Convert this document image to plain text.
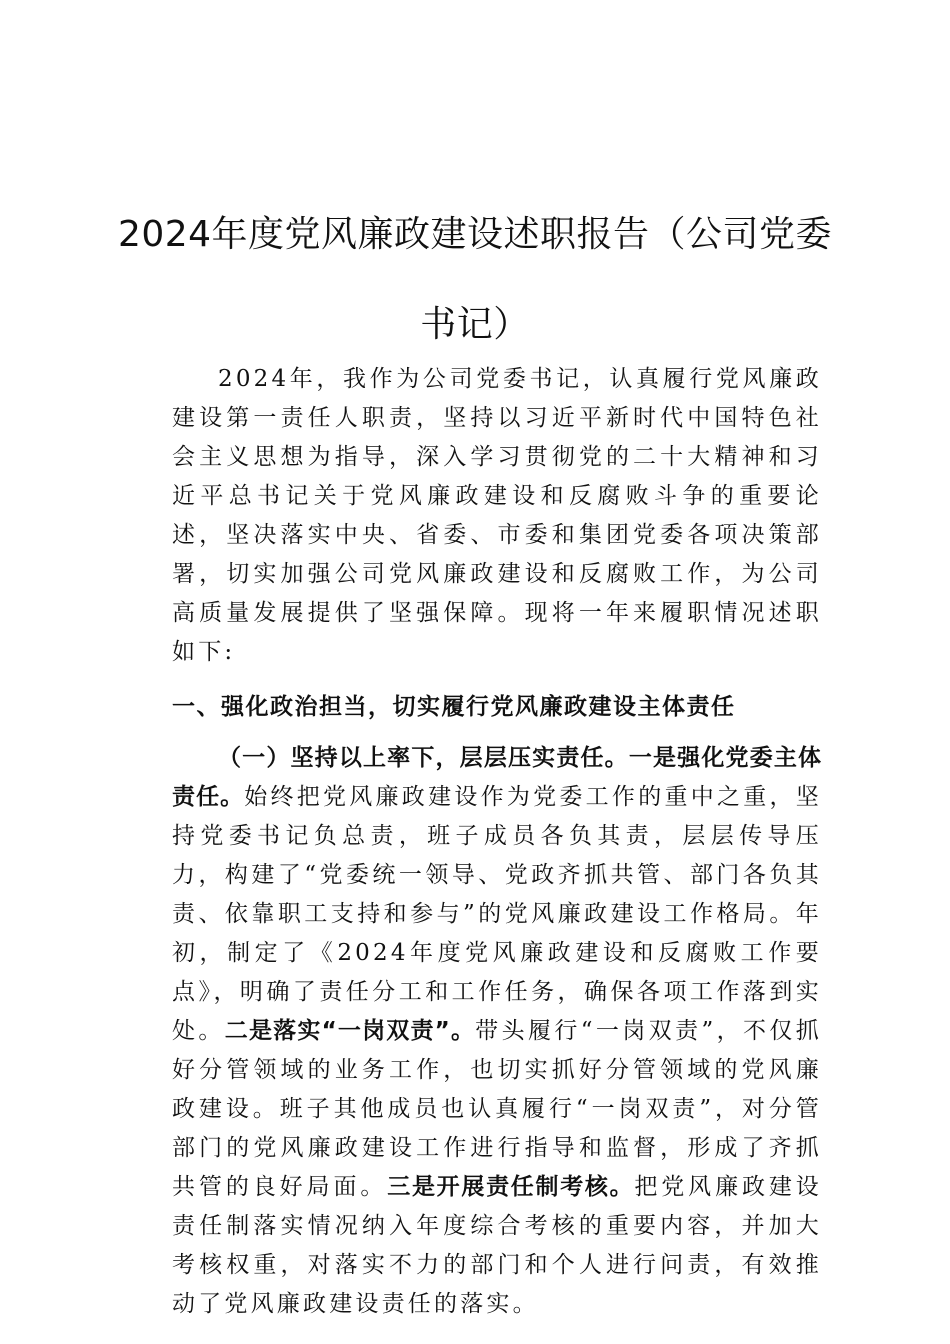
2024年度党风廉政建设述职报告（公司党委书记）

2024年，我作为公司党委书记，认真履行党风廉政建设第一责任人职责，坚持以习近平新时代中国特色社会主义思想为指导，深入学习贯彻党的二十大精神和习近平总书记关于党风廉政建设和反腐败斗争的重要论述，坚决落实中央、省委、市委和集团党委各项决策部署，切实加强公司党风廉政建设和反腐败工作，为公司高质量发展提供了坚强保障。现将一年来履职情况述职如下:

一、强化政治担当，切实履行党风廉政建设主体责任

（一）坚持以上率下，层层压实责任。一是强化党委主体责任。始终把党风廉政建设作为党委工作的重中之重，坚持党委书记负总责，班子成员各负其责，层层传导压力，构建了“党委统一领导、党政齐抓共管、部门各负其责、依靠职工支持和参与”的党风廉政建设工作格局。年初，制定了《2024年度党风廉政建设和反腐败工作要点》，明确了责任分工和工作任务，确保各项工作落到实处。二是落实“一岗双责”。带头履行“一岗双责”，不仅抓好分管领域的业务工作，也切实抓好分管领域的党风廉政建设。班子其他成员也认真履行“一岗双责”，对分管部门的党风廉政建设工作进行指导和监督，形成了齐抓共管的良好局面。三是开展责任制考核。把党风廉政建设责任制落实情况纳入年度综合考核的重要内容，并加大考核权重，对落实不力的部门和个人进行问责，有效推动了党风廉政建设责任的落实。
